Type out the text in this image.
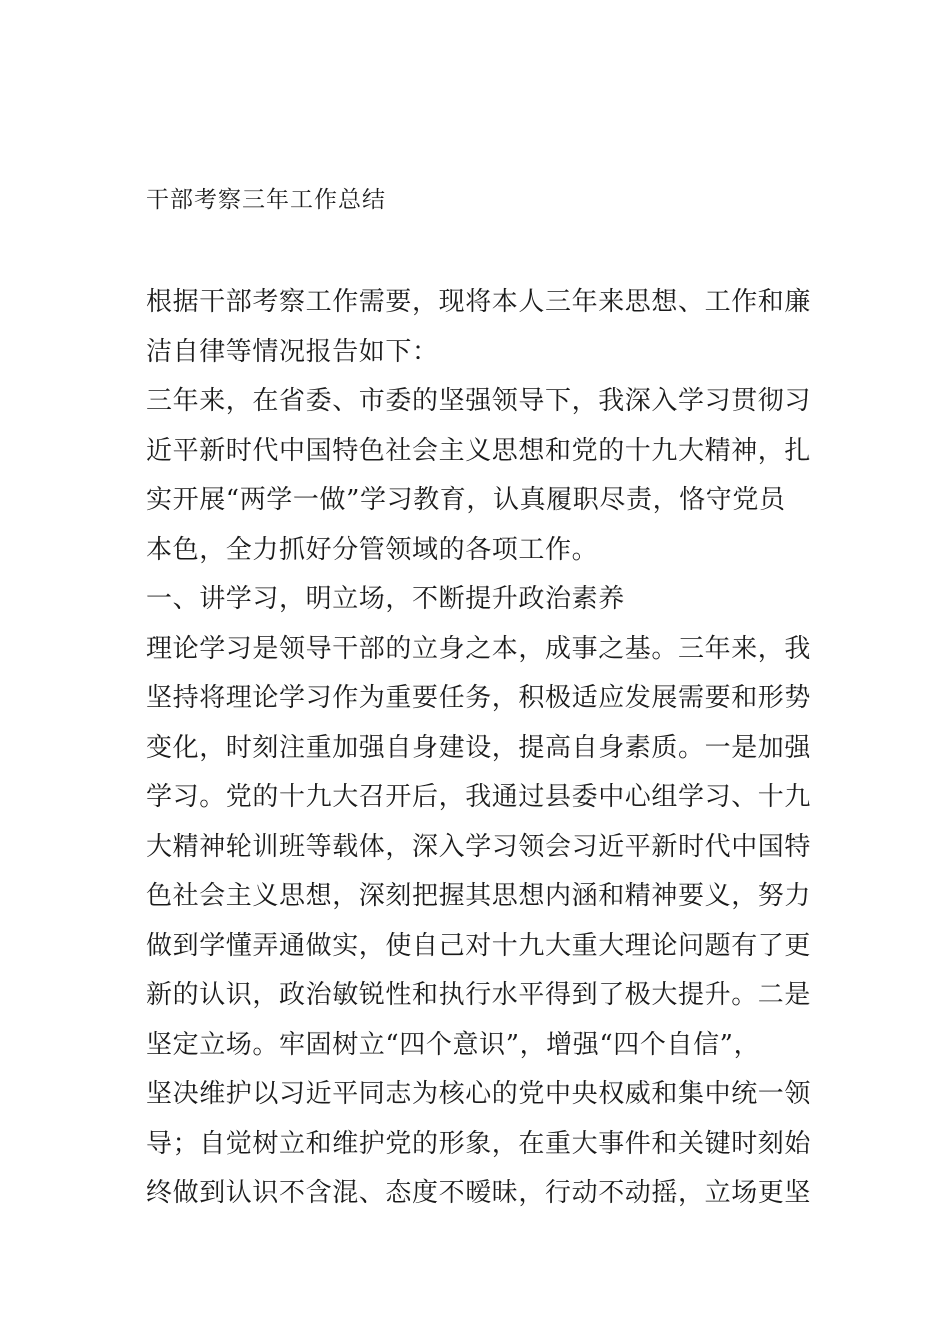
干部考察三年工作总结
根据干部考察工作需要，现将本人三年来思想、工作和廉
洁自律等情况报告如下：
三年来，在省委、市委的坚强领导下，我深入学习贯彻习
近平新时代中国特色社会主义思想和党的十九大精神，扎
实开展“两学一做”学习教育，认真履职尽责，恪守党员
本色，全力抓好分管领域的各项工作。
一、讲学习，明立场，不断提升政治素养
理论学习是领导干部的立身之本，成事之基。三年来，我
坚持将理论学习作为重要任务，积极适应发展需要和形势
变化，时刻注重加强自身建设，提高自身素质。一是加强
学习。党的十九大召开后，我通过县委中心组学习、十九
大精神轮训班等载体，深入学习领会习近平新时代中国特
色社会主义思想，深刻把握其思想内涵和精神要义，努力
做到学懂弄通做实，使自己对十九大重大理论问题有了更
新的认识，政治敏锐性和执行水平得到了极大提升。二是
坚定立场。牢固树立“四个意识”，增强“四个自信”，
坚决维护以习近平同志为核心的党中央权威和集中统一领
导；自觉树立和维护党的形象，在重大事件和关键时刻始
终做到认识不含混、态度不暧昧，行动不动摇，立场更坚
